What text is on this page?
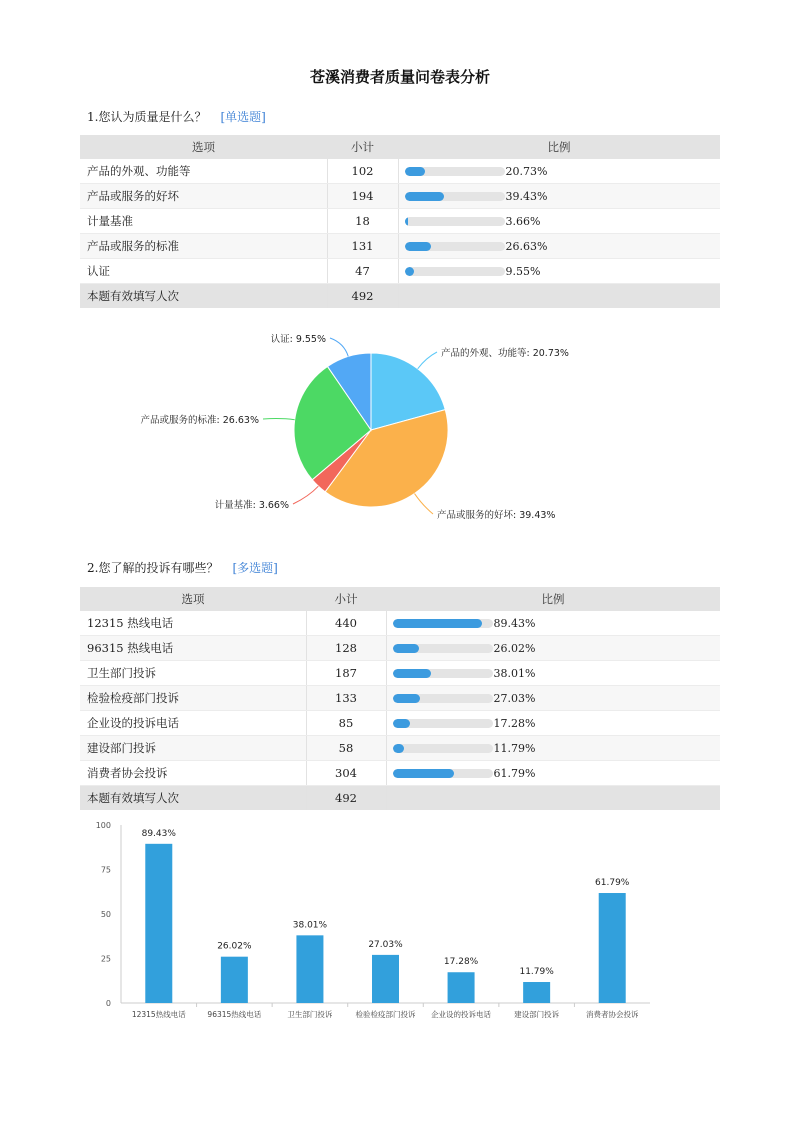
苍溪消费者质量问卷表分析
1.您认为质量是什么？ [单选题]
选项	小计	比例
产品的外观、功能等	102	20.73%
产品或服务的好坏	194	39.43%
计量基准	18	3.66%
产品或服务的标准	131	26.63%
认证	47	9.55%
本题有效填写人次	492	
产品的外观、功能等: 20.73%
产品或服务的好坏: 39.43%
计量基准: 3.66%
产品或服务的标准: 26.63%
认证: 9.55%
2.您了解的投诉有哪些？ [多选题]
选项	小计	比例
12315 热线电话	440	89.43%
96315 热线电话	128	26.02%
卫生部门投诉	187	38.01%
检验检疫部门投诉	133	27.03%
企业设的投诉电话	85	17.28%
建设部门投诉	58	11.79%
消费者协会投诉	304	61.79%
本题有效填写人次	492	
0
25
50
75
100
89.43%
12315热线电话
26.02%
96315热线电话
38.01%
卫生部门投诉
27.03%
检验检疫部门投诉
17.28%
企业设的投诉电话
11.79%
建设部门投诉
61.79%
消费者协会投诉
